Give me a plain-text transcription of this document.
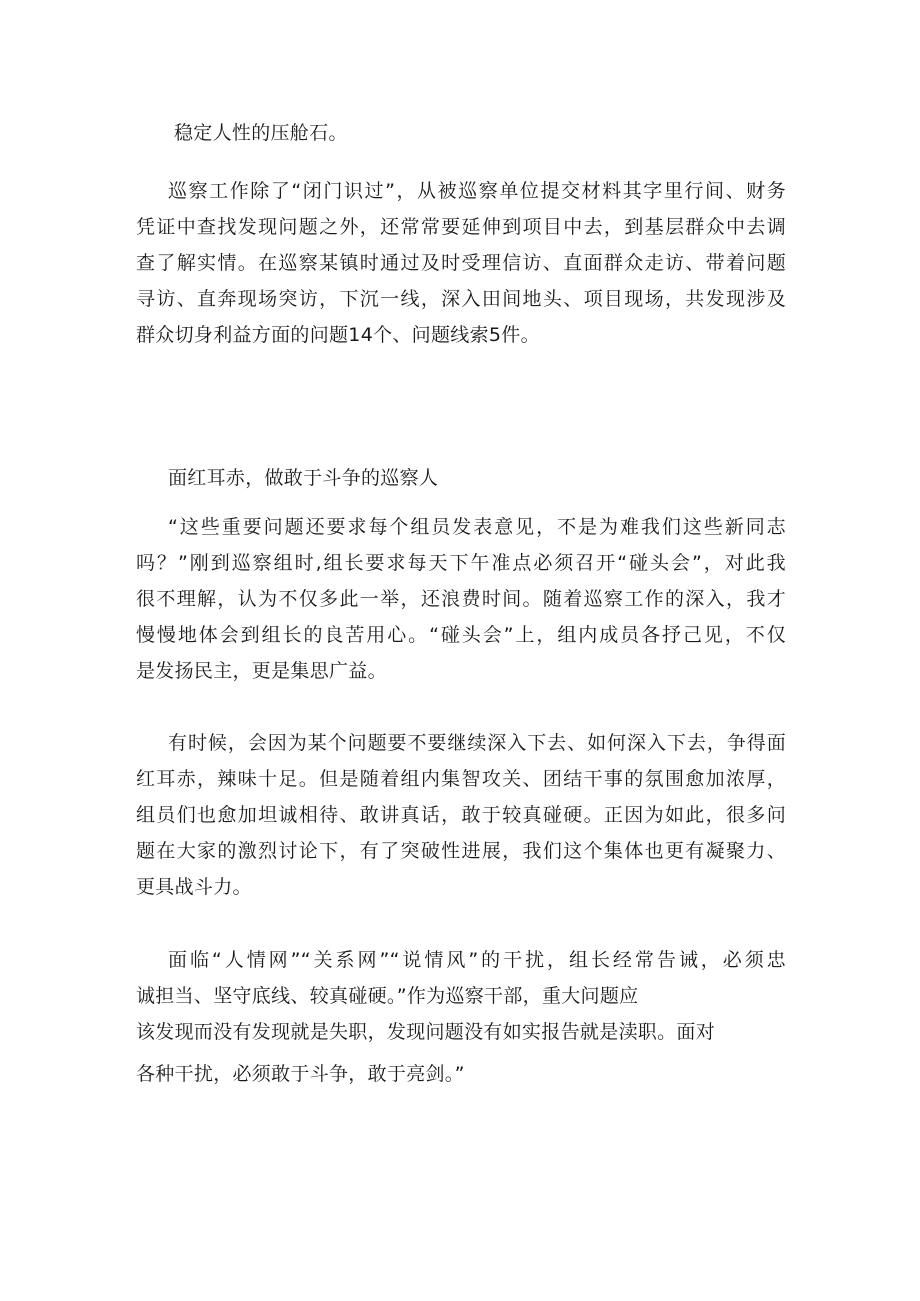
稳定人性的压舱石。
巡察工作除了“闭门识过”，从被巡察单位提交材料其字里行间、财务
凭证中查找发现问题之外，还常常要延伸到项目中去，到基层群众中去调
查了解实情。在巡察某镇时通过及时受理信访、直面群众走访、带着问题
寻访、直奔现场突访，下沉一线，深入田间地头、项目现场，共发现涉及
群众切身利益方面的问题14个、问题线索5件。
面红耳赤，做敢于斗争的巡察人
“这些重要问题还要求每个组员发表意见，不是为难我们这些新同志
吗？”刚到巡察组时,组长要求每天下午准点必须召开“碰头会”，对此我
很不理解，认为不仅多此一举，还浪费时间。随着巡察工作的深入，我才
慢慢地体会到组长的良苦用心。“碰头会”上，组内成员各抒己见，不仅
是发扬民主，更是集思广益。
有时候，会因为某个问题要不要继续深入下去、如何深入下去，争得面
红耳赤，辣味十足。但是随着组内集智攻关、团结干事的氛围愈加浓厚，
组员们也愈加坦诚相待、敢讲真话，敢于较真碰硬。正因为如此，很多问
题在大家的激烈讨论下，有了突破性进展，我们这个集体也更有凝聚力、
更具战斗力。
面临“人情网”“关系网”“说情风”的干扰，组长经常告诫，必须忠
诚担当、坚守底线、较真碰硬。”作为巡察干部，重大问题应
该发现而没有发现就是失职，发现问题没有如实报告就是渎职。面对
各种干扰，必须敢于斗争，敢于亮剑。”
